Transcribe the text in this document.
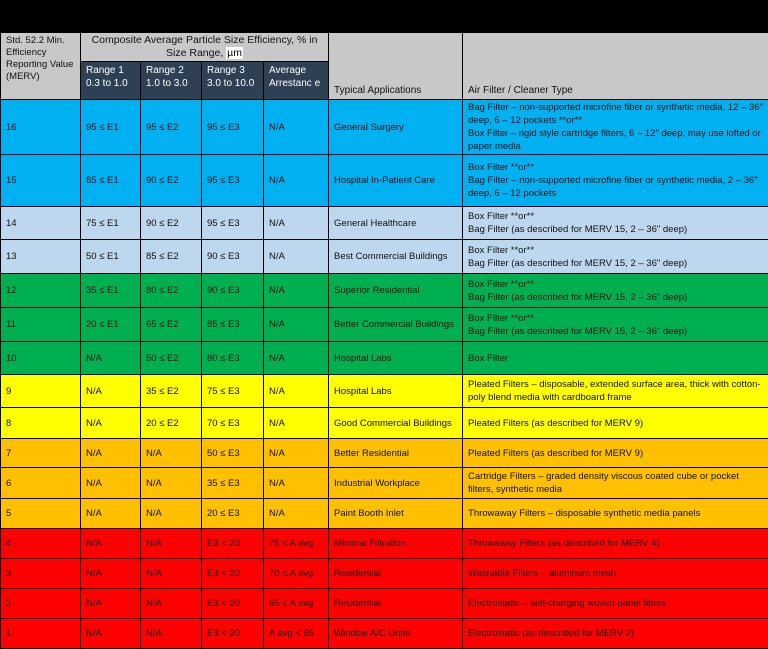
Std. 52.2 Min. Efficiency Reporting Value (MERV)	Composite Average Particle Size Efficiency, % in Size Range, µm				Typical Applications	Air Filter / Cleaner Type
	Range 1 0.3 to 1.0	Range 2 1.0 to 3.0	Range 3 3.0 to 10.0	Average Arrestanc e		
16	95 ≤ E1	95 ≤ E2	95 ≤ E3	N/A	General Surgery	Bag Filter – non-supported microfine fiber or synthetic media, 12 – 36" deep, 6 – 12 pockets **or**
Box Filter – rigid style cartridge filters, 6 – 12" deep, may use lofted or paper media

15	85 ≤ E1	90 ≤ E2	95 ≤ E3	N/A	Hospital In-Patient Care	Box Filter **or**
Bag Filter – non-supported microfine fiber or synthetic media, 2 – 36" deep, 6 – 12 pockets

14	75 ≤ E1	90 ≤ E2	95 ≤ E3	N/A	General Healthcare	Box Filter **or**
Bag Filter (as described for MERV 15, 2 – 36" deep)

13	50 ≤ E1	85 ≤ E2	90 ≤ E3	N/A	Best Commercial Buildings	Box Filter **or**
Bag Filter (as described for MERV 15, 2 – 36" deep)

12	35 ≤ E1	80 ≤ E2	90 ≤ E3	N/A	Superior Residential	Box Filter **or**
Bag Filter (as described for MERV 15, 2 – 36" deep)

11	20 ≤ E1	65 ≤ E2	85 ≤ E3	N/A	Better Commercial Buildings	Box Filter **or**
Bag Filter (as described for MERV 15, 2 – 36" deep)

10	N/A	50 ≤ E2	80 ≤ E3	N/A	Hospital Labs	Box Filter

9	N/A	35 ≤ E2	75 ≤ E3	N/A	Hospital Labs	Pleated Filters – disposable, extended surface area, thick with cotton-poly blend media with cardboard frame

8	N/A	20 ≤ E2	70 ≤ E3	N/A	Good Commercial Buildings	Pleated Filters (as described for MERV 9)

7	N/A	N/A	50 ≤ E3	N/A	Better Residential	Pleated Filters (as described for MERV 9)

6	N/A	N/A	35 ≤ E3	N/A	Industrial Workplace	Cartridge Filters – graded density viscous coated cube or pocket filters, synthetic media

5	N/A	N/A	20 ≤ E3	N/A	Paint Booth Inlet	Throwaway Filters – disposable synthetic media panels

4	N/A	N/A	E3 < 20	75 ≤ A avg	Minimal Filtration	Throwaway Filters (as described for MERV 4)

3	N/A	N/A	E3 < 20	70 ≤ A avg	Residential	Washable Filters – aluminum mesh

2	N/A	N/A	E3 < 20	65 ≤ A avg	Residential	Electrostatic – self-charging woven panel filters

1	N/A	N/A	E3 < 20	A avg < 65	Window A/C Units	Electrostatic (as described for MERV 2)
